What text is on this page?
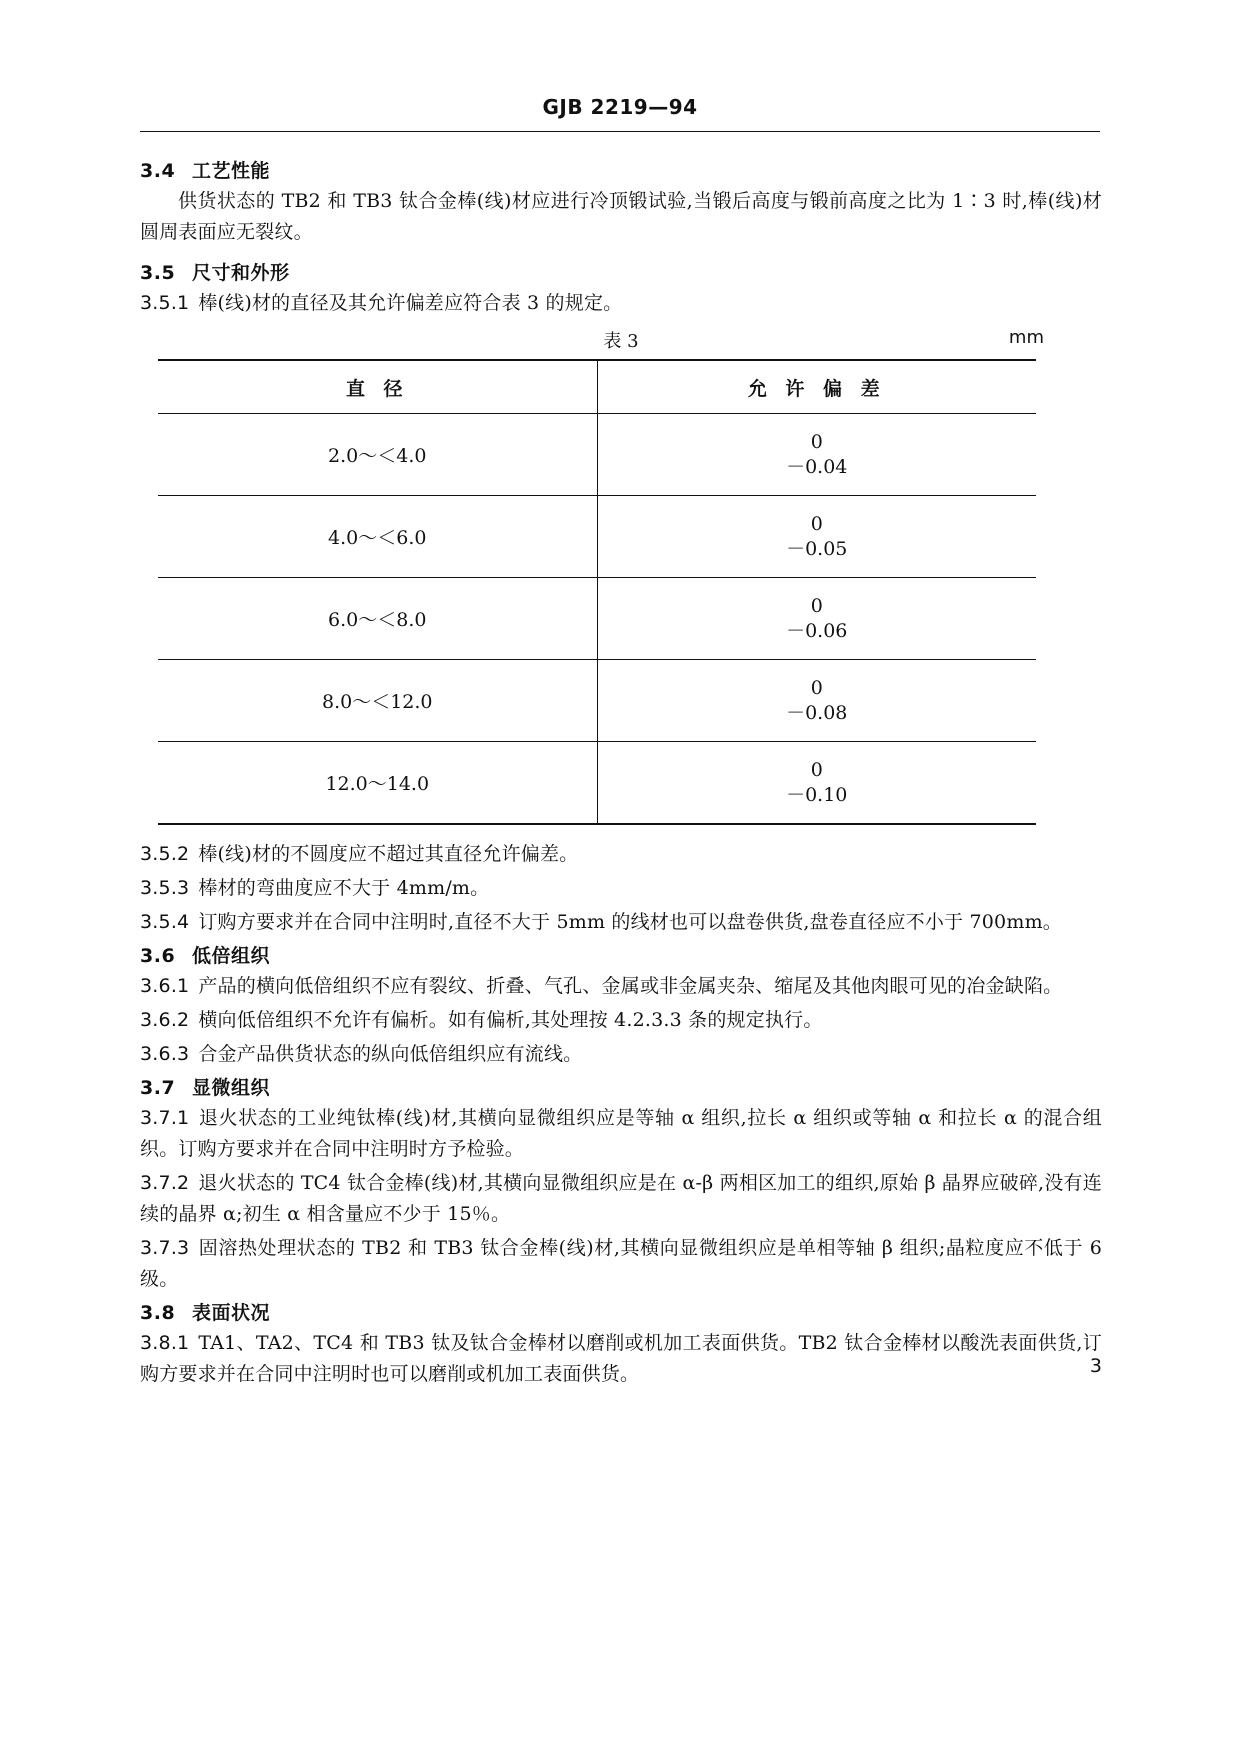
GJB 2219—94
3.4 工艺性能
供货状态的 TB2 和 TB3 钛合金棒(线)材应进行冷顶锻试验,当锻后高度与锻前高度之比为 1∶3 时,棒(线)材圆周表面应无裂纹。
3.5 尺寸和外形
3.5.1 棒(线)材的直径及其允许偏差应符合表 3 的规定。
表 3	mm
直 径	允 许 偏 差
2.0～＜4.0	0
－0.04

4.0～＜6.0	0
－0.05

6.0～＜8.0	0
－0.06

8.0～＜12.0	0
－0.08

12.0～14.0	0
－0.10
3.5.2 棒(线)材的不圆度应不超过其直径允许偏差。
3.5.3 棒材的弯曲度应不大于 4mm/m。
3.5.4 订购方要求并在合同中注明时,直径不大于 5mm 的线材也可以盘卷供货,盘卷直径应不小于 700mm。
3.6 低倍组织
3.6.1 产品的横向低倍组织不应有裂纹、折叠、气孔、金属或非金属夹杂、缩尾及其他肉眼可见的冶金缺陷。
3.6.2 横向低倍组织不允许有偏析。如有偏析,其处理按 4.2.3.3 条的规定执行。
3.6.3 合金产品供货状态的纵向低倍组织应有流线。
3.7 显微组织
3.7.1 退火状态的工业纯钛棒(线)材,其横向显微组织应是等轴 α 组织,拉长 α 组织或等轴 α 和拉长 α 的混合组织。订购方要求并在合同中注明时方予检验。
3.7.2 退火状态的 TC4 钛合金棒(线)材,其横向显微组织应是在 α-β 两相区加工的组织,原始 β 晶界应破碎,没有连续的晶界 α;初生 α 相含量应不少于 15％。
3.7.3 固溶热处理状态的 TB2 和 TB3 钛合金棒(线)材,其横向显微组织应是单相等轴 β 组织;晶粒度应不低于 6 级。
3.8 表面状况
3.8.1 TA1、TA2、TC4 和 TB3 钛及钛合金棒材以磨削或机加工表面供货。TB2 钛合金棒材以酸洗表面供货,订购方要求并在合同中注明时也可以磨削或机加工表面供货。	3
